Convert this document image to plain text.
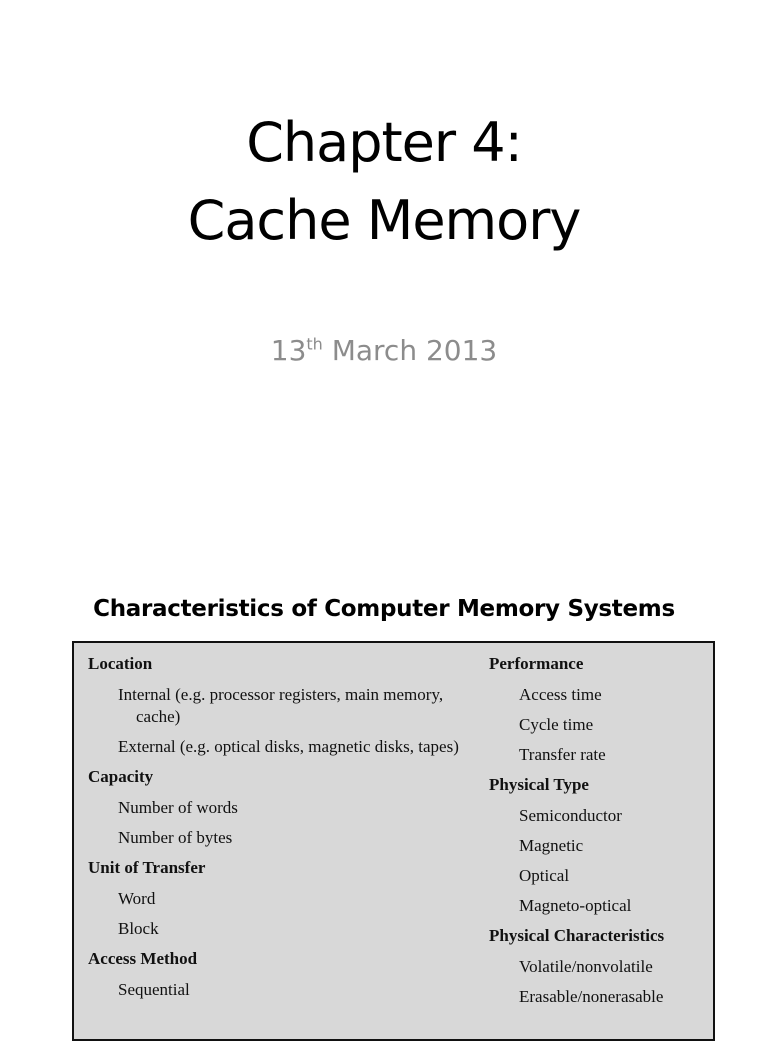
Chapter 4:
Cache Memory
13th March 2013
Characteristics of Computer Memory Systems
Location
Internal (e.g. processor registers, main memory, cache)
External (e.g. optical disks, magnetic disks, tapes)
Capacity
Number of words
Number of bytes
Unit of Transfer
Word
Block
Access Method
Sequential
Performance
Access time
Cycle time
Transfer rate
Physical Type
Semiconductor
Magnetic
Optical
Magneto-optical
Physical Characteristics
Volatile/nonvolatile
Erasable/nonerasable
